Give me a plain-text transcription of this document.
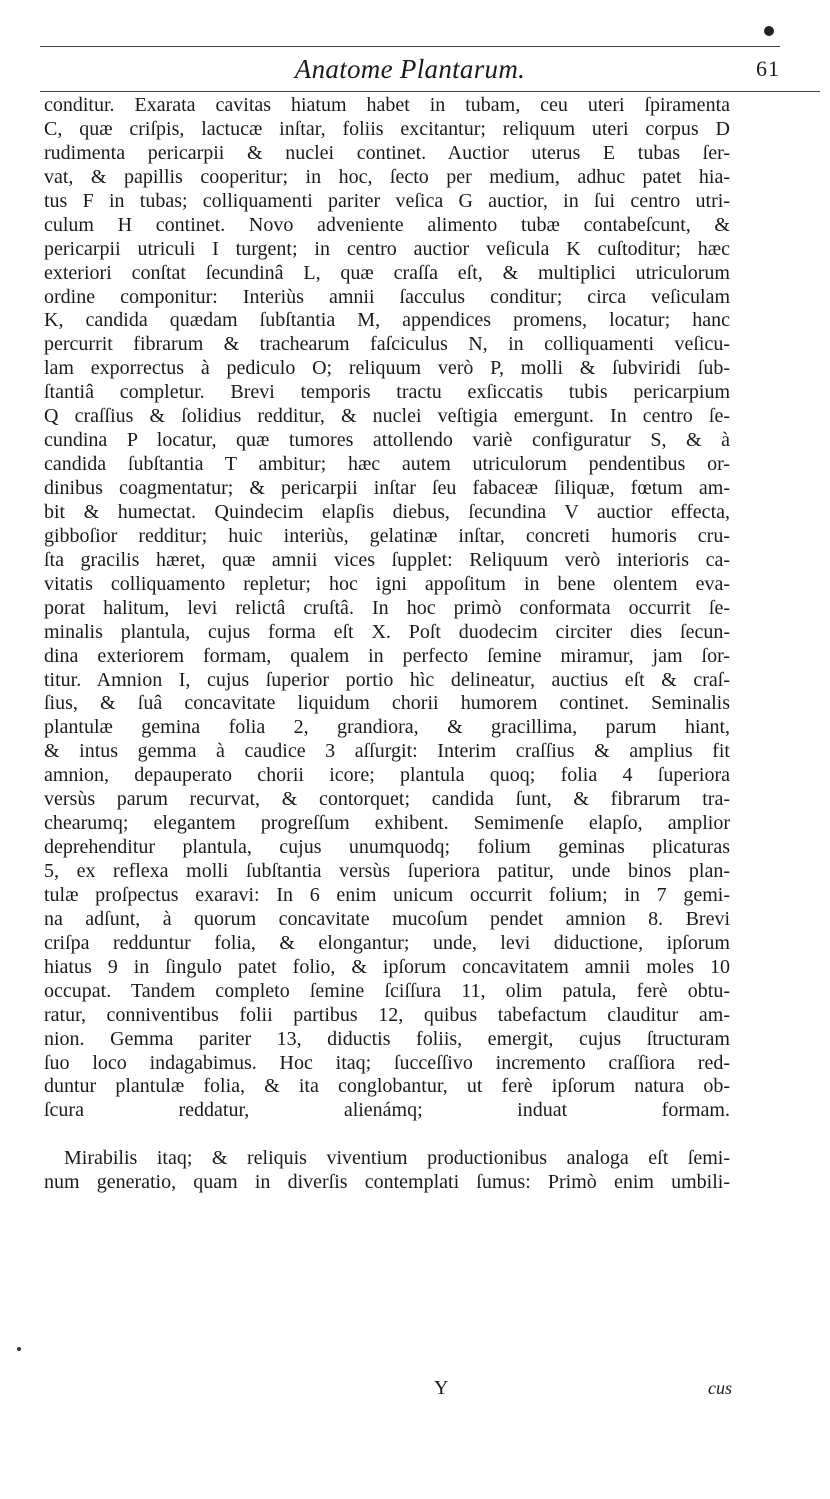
Anatome Plantarum.	61
conditur. Exarata cavitas hiatum habet in tubam, ceu uteri ſpiramenta
C, quæ criſpis, lactucæ inſtar, foliis excitantur; reliquum uteri corpus D
rudimenta pericarpii & nuclei continet. Auctior uterus E tubas ſer-
vat, & papillis cooperitur; in hoc, ſecto per medium, adhuc patet hia-
tus F in tubas; colliquamenti pariter veſica G auctior, in ſui centro utri-
culum H continet. Novo adveniente alimento tubæ contabeſcunt, &
pericarpii utriculi I turgent; in centro auctior veſicula K cuſtoditur; hæc
exteriori conſtat ſecundinâ L, quæ craſſa eſt, & multiplici utriculorum
ordine componitur: Interiùs amnii ſacculus conditur; circa veſiculam
K, candida quædam ſubſtantia M, appendices promens, locatur; hanc
percurrit fibrarum & trachearum faſciculus N, in colliquamenti veſicu-
lam exporrectus à pediculo O; reliquum verò P, molli & ſubviridi ſub-
ſtantiâ completur. Brevi temporis tractu exſiccatis tubis pericarpium
Q craſſius & ſolidius redditur, & nuclei veſtigia emergunt. In centro ſe-
cundina P locatur, quæ tumores attollendo variè configuratur S, & à
candida ſubſtantia T ambitur; hæc autem utriculorum pendentibus or-
dinibus coagmentatur; & pericarpii inſtar ſeu fabaceæ ſiliquæ, fœtum am-
bit & humectat. Quindecim elapſis diebus, ſecundina V auctior effecta,
gibboſior redditur; huic interiùs, gelatinæ inſtar, concreti humoris cru-
ſta gracilis hæret, quæ amnii vices ſupplet: Reliquum verò interioris ca-
vitatis colliquamento repletur; hoc igni appoſitum in bene olentem eva-
porat halitum, levi relictâ cruſtâ. In hoc primò conformata occurrit ſe-
minalis plantula, cujus forma eſt X. Poſt duodecim circiter dies ſecun-
dina exteriorem formam, qualem in perfecto ſemine miramur, jam ſor-
titur. Amnion I, cujus ſuperior portio hìc delineatur, auctius eſt & craſ-
ſius, & ſuâ concavitate liquidum chorii humorem continet. Seminalis
plantulæ gemina folia 2, grandiora, & gracillima, parum hiant,
& intus gemma à caudice 3 aſſurgit: Interim craſſius & amplius fit
amnion, depauperato chorii icore; plantula quoq; folia 4 ſuperiora
versùs parum recurvat, & contorquet; candida ſunt, & fibrarum tra-
chearumq; elegantem progreſſum exhibent. Semimenſe elapſo, amplior
deprehenditur plantula, cujus unumquodq; folium geminas plicaturas
5, ex reflexa molli ſubſtantia versùs ſuperiora patitur, unde binos plan-
tulæ proſpectus exaravi: In 6 enim unicum occurrit folium; in 7 gemi-
na adſunt, à quorum concavitate mucoſum pendet amnion 8. Brevi
criſpa redduntur folia, & elongantur; unde, levi diductione, ipſorum
hiatus 9 in ſingulo patet folio, & ipſorum concavitatem amnii moles 10
occupat. Tandem completo ſemine ſciſſura 11, olim patula, ferè obtu-
ratur, conniventibus folii partibus 12, quibus tabefactum clauditur am-
nion. Gemma pariter 13, diductis foliis, emergit, cujus ſtructuram
ſuo loco indagabimus. Hoc itaq; ſucceſſivo incremento craſſiora red-
duntur plantulæ folia, & ita conglobantur, ut ferè ipſorum natura ob-
ſcura reddatur, alienámq; induat formam.
Mirabilis itaq; & reliquis viventium productionibus analoga eſt ſemi-
num generatio, quam in diverſis contemplati ſumus: Primò enim umbili-
Y	cus
